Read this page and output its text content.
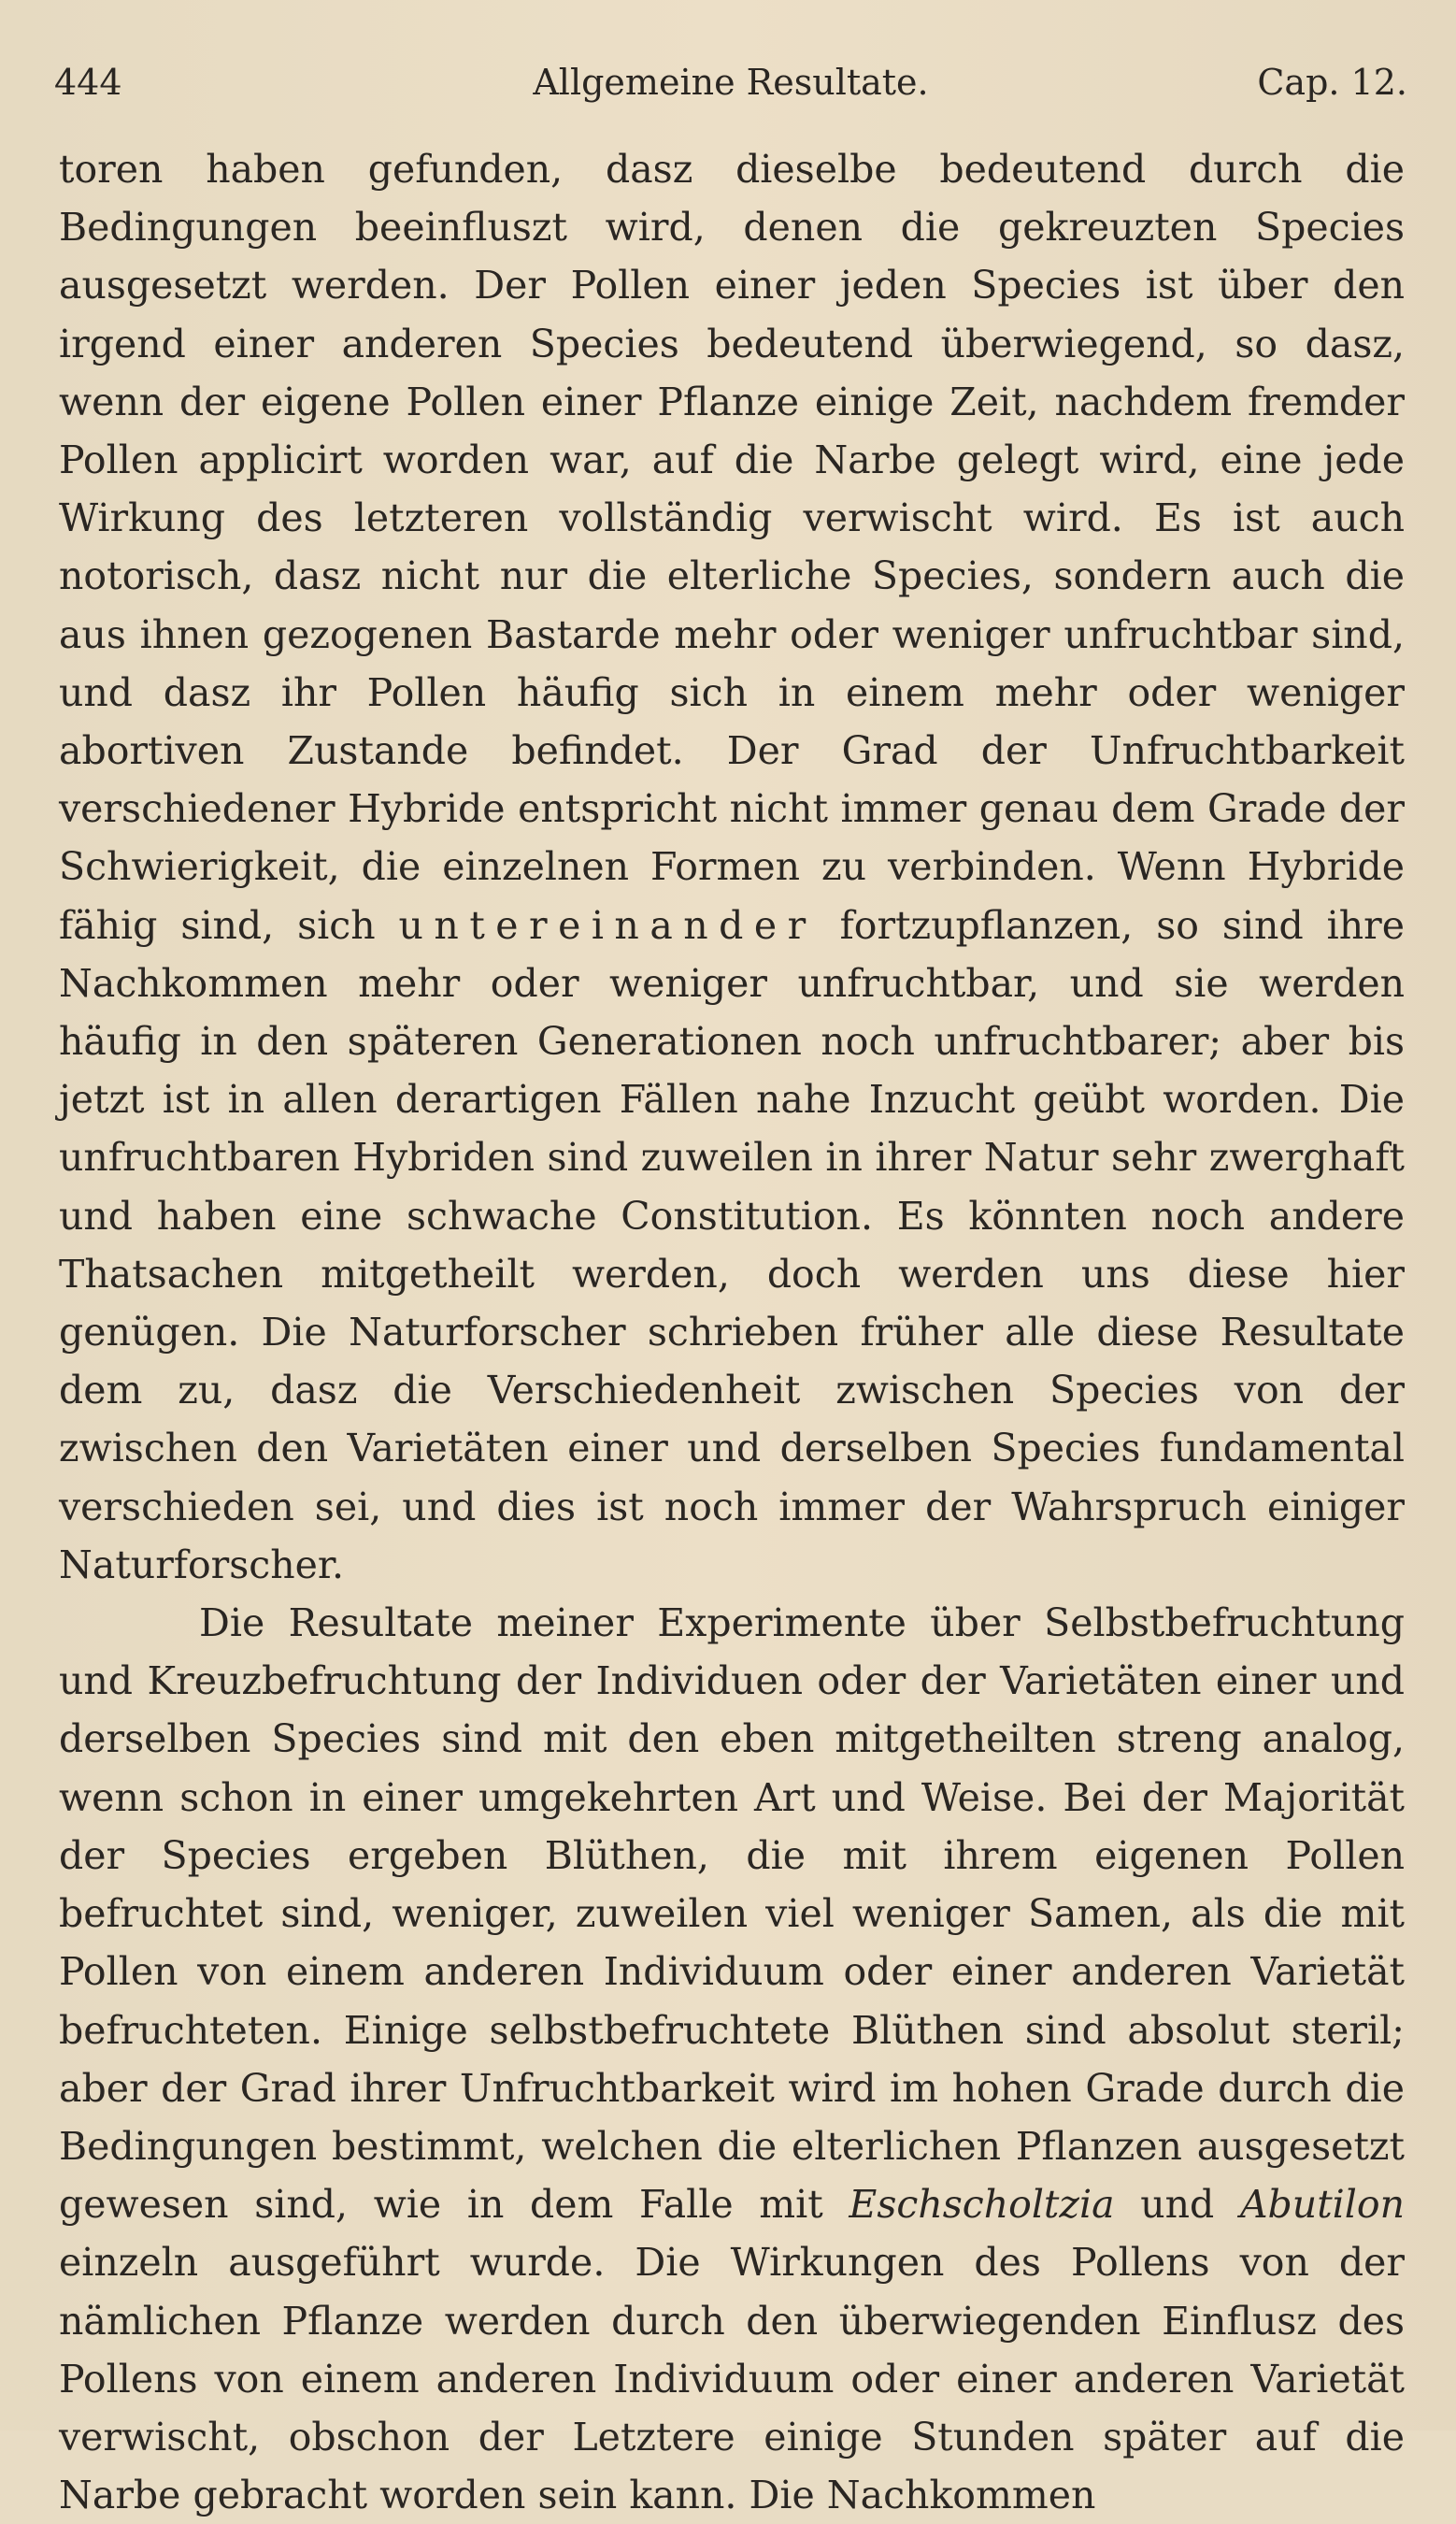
444	Allgemeine Resultate.	Cap. 12.

toren haben gefunden, dasz dieselbe bedeutend durch die Bedingungen beeinfluszt wird, denen die gekreuzten Species ausgesetzt werden. Der Pollen einer jeden Species ist über den irgend einer anderen Species bedeutend überwiegend, so dasz, wenn der eigene Pollen einer Pflanze einige Zeit, nachdem fremder Pollen applicirt worden war, auf die Narbe gelegt wird, eine jede Wirkung des letzteren vollständig verwischt wird. Es ist auch notorisch, dasz nicht nur die elterliche Species, sondern auch die aus ihnen gezogenen Bastarde mehr oder weniger unfruchtbar sind, und dasz ihr Pollen häufig sich in einem mehr oder weniger abortiven Zustande befindet. Der Grad der Unfruchtbarkeit verschiedener Hybride entspricht nicht immer genau dem Grade der Schwierigkeit, die einzelnen Formen zu verbinden. Wenn Hybride fähig sind, sich untereinander fortzupflanzen, so sind ihre Nachkommen mehr oder weniger unfruchtbar, und sie werden häufig in den späteren Generationen noch unfruchtbarer; aber bis jetzt ist in allen derartigen Fällen nahe Inzucht geübt worden. Die unfruchtbaren Hybriden sind zuweilen in ihrer Natur sehr zwerghaft und haben eine schwache Constitution. Es könnten noch andere Thatsachen mitgetheilt werden, doch werden uns diese hier genügen. Die Naturforscher schrieben früher alle diese Resultate dem zu, dasz die Verschiedenheit zwischen Species von der zwischen den Varietäten einer und derselben Species fundamental verschieden sei, und dies ist noch immer der Wahrspruch einiger Naturforscher.

Die Resultate meiner Experimente über Selbstbefruchtung und Kreuzbefruchtung der Individuen oder der Varietäten einer und derselben Species sind mit den eben mitgetheilten streng analog, wenn schon in einer umgekehrten Art und Weise. Bei der Majorität der Species ergeben Blüthen, die mit ihrem eigenen Pollen befruchtet sind, weniger, zuweilen viel weniger Samen, als die mit Pollen von einem anderen Individuum oder einer anderen Varietät befruchteten. Einige selbstbefruchtete Blüthen sind absolut steril; aber der Grad ihrer Unfruchtbarkeit wird im hohen Grade durch die Bedingungen bestimmt, welchen die elterlichen Pflanzen ausgesetzt gewesen sind, wie in dem Falle mit Eschscholtzia und Abutilon einzeln ausgeführt wurde. Die Wirkungen des Pollens von der nämlichen Pflanze werden durch den überwiegenden Einflusz des Pollens von einem anderen Individuum oder einer anderen Varietät verwischt, obschon der Letztere einige Stunden später auf die Narbe gebracht worden sein kann. Die Nachkommen
